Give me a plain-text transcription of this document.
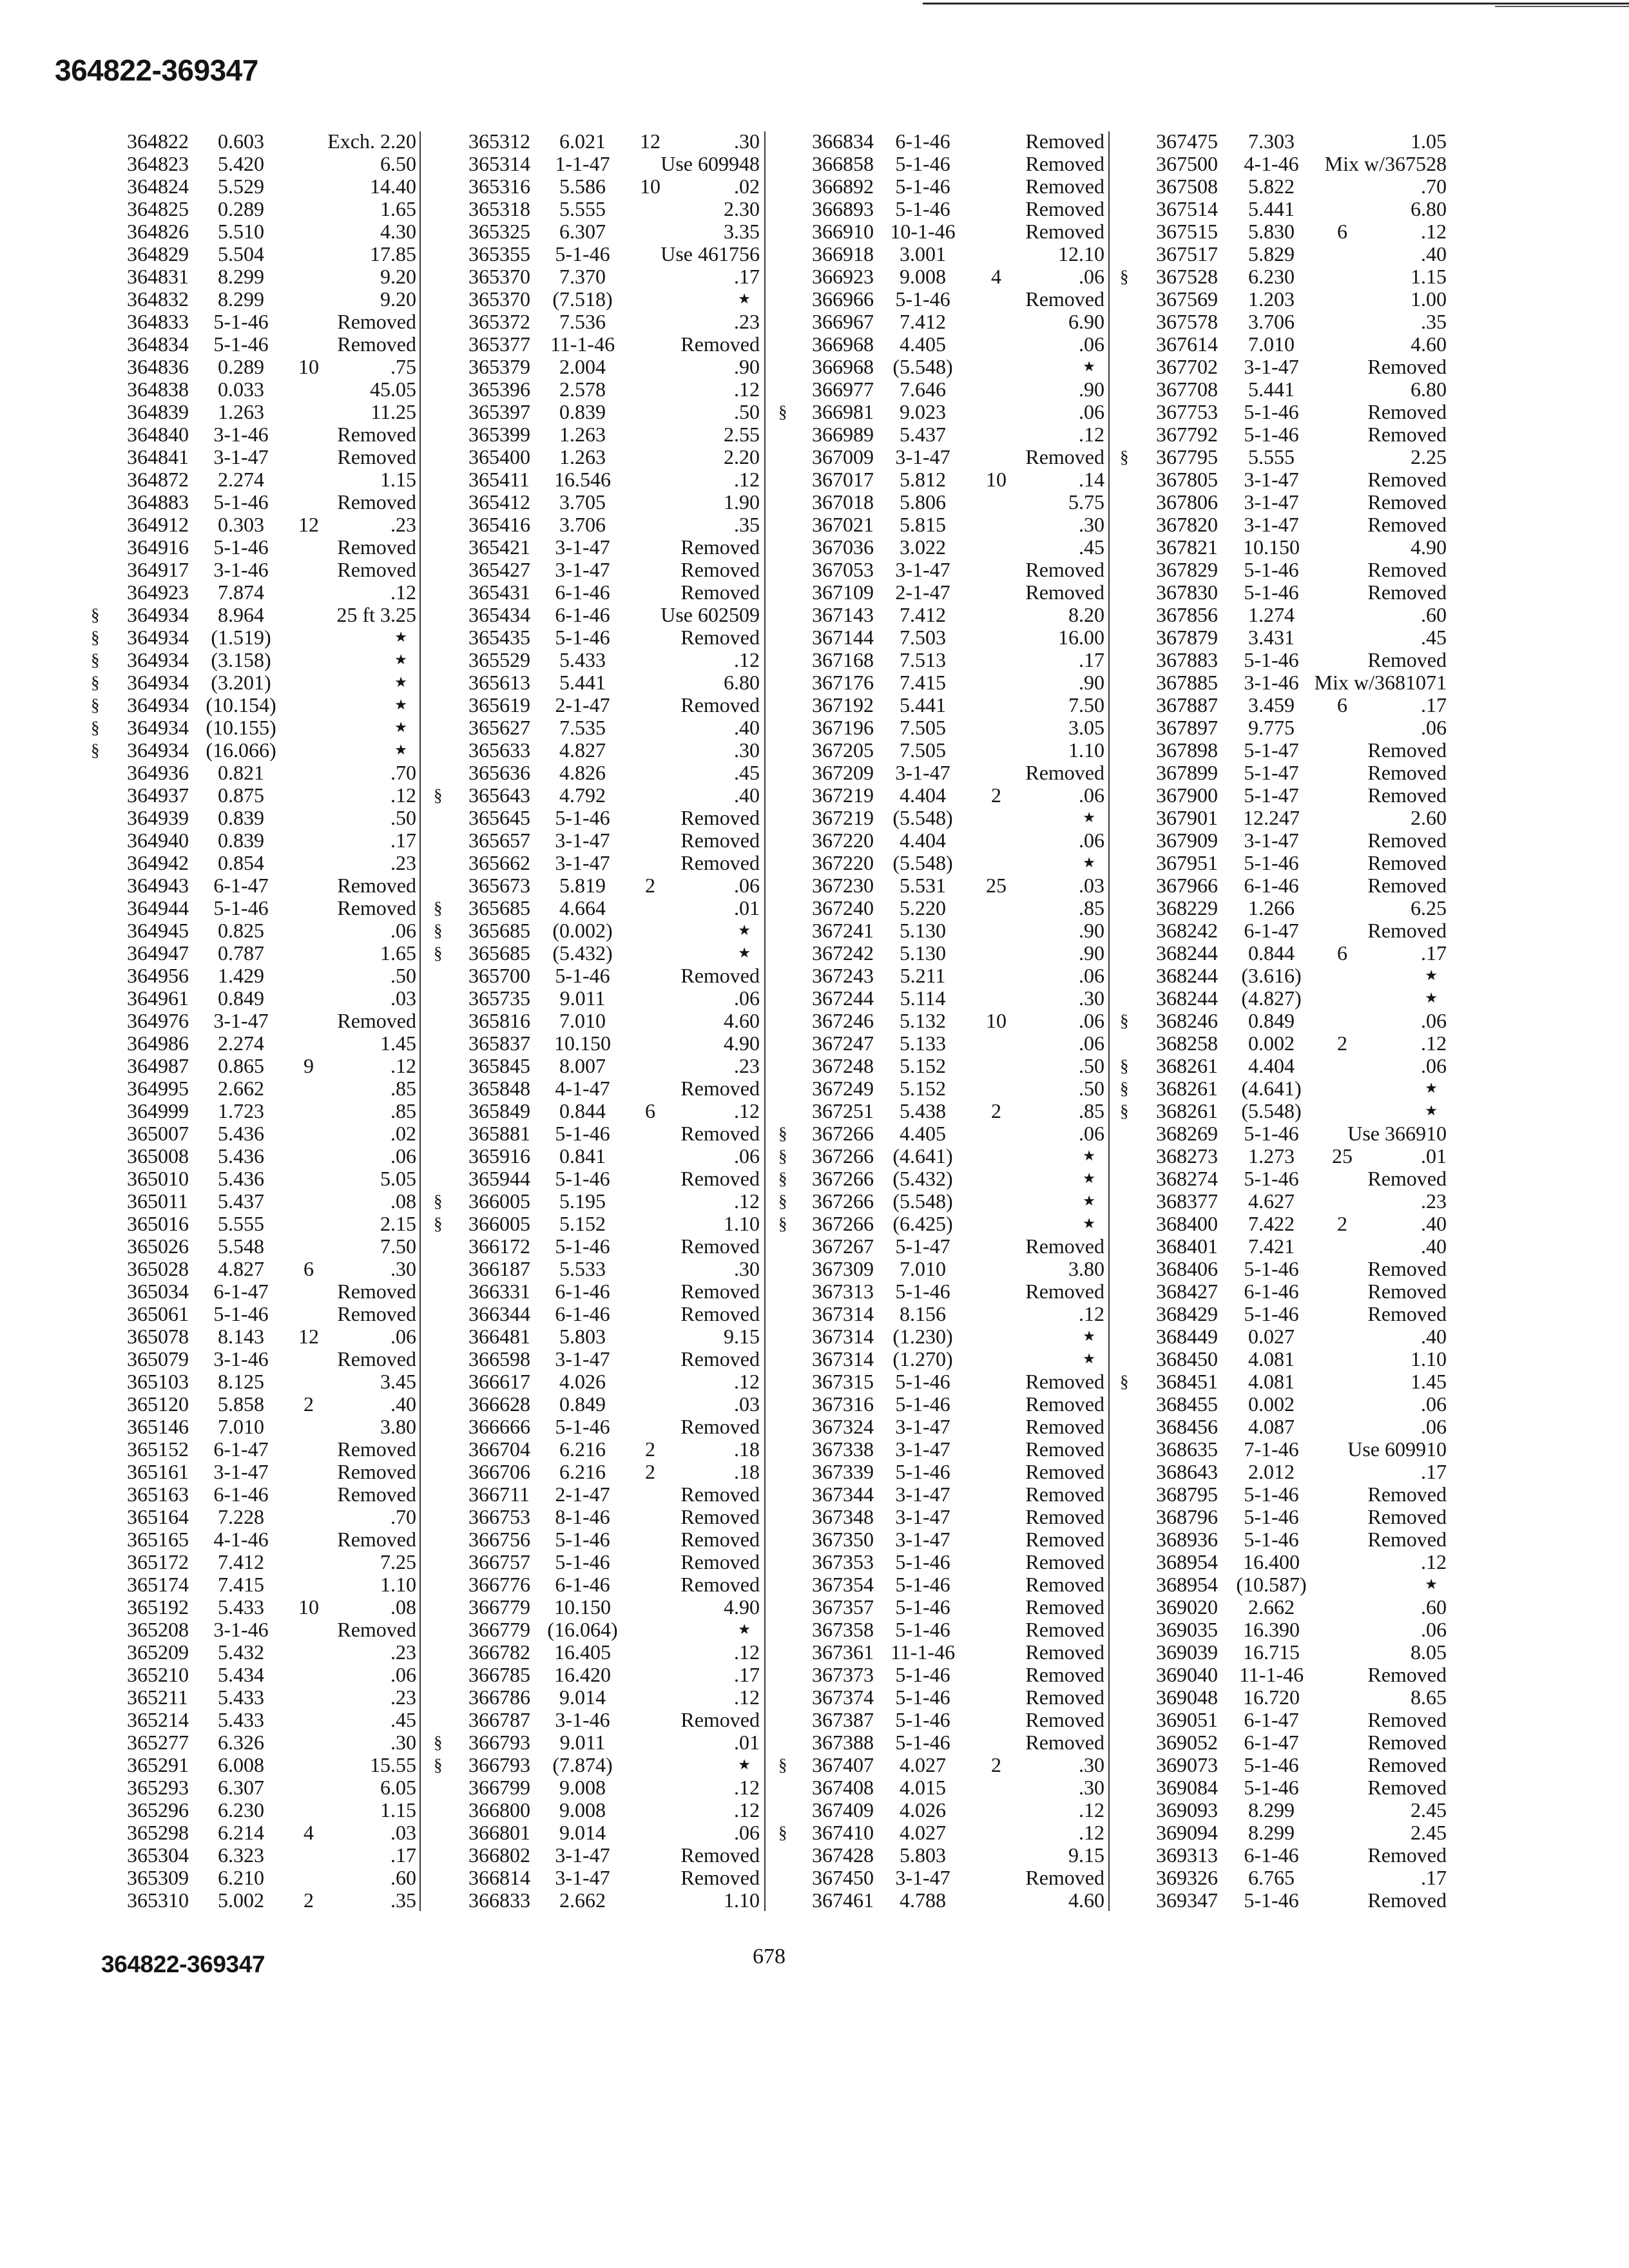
364822-369347
364822	0.603	Exch. 2.20
364823	5.420	6.50
364824	5.529	14.40
364825	0.289	1.65
364826	5.510	4.30
364829	5.504	17.85
364831	8.299	9.20
364832	8.299	9.20
364833	5-1-46	Removed
364834	5-1-46	Removed
364836	0.289	10	.75
364838	0.033	45.05
364839	1.263	11.25
364840	3-1-46	Removed
364841	3-1-47	Removed
364872	2.274	1.15
364883	5-1-46	Removed
364912	0.303	12	.23
364916	5-1-46	Removed
364917	3-1-46	Removed
364923	7.874	.12
§ 364934	8.964	25 ft 3.25
§ 364934	(1.519)	★
§ 364934	(3.158)	★
§ 364934	(3.201)	★
§ 364934 (10.154)	★
§ 364934 (10.155)	★
§ 364934 (16.066)	★
364936	0.821	.70
364937	0.875	.12
364939	0.839	.50
364940	0.839	.17
364942	0.854	.23
364943	6-1-47	Removed
364944	5-1-46	Removed
364945	0.825	.06
364947	0.787	1.65
364956	1.429	.50
364961	0.849	.03
364976	3-1-47	Removed
364986	2.274	1.45
364987	0.865	9	.12
364995	2.662	.85
364999	1.723	.85
365007	5.436	.02
365008	5.436	.06
365010	5.436	5.05
365011	5.437	.08
365016	5.555	2.15
365026	5.548	7.50
365028	4.827	6	.30
365034	6-1-47	Removed
365061	5-1-46	Removed
365078	8.143	12	.06
365079	3-1-46	Removed
365103	8.125	3.45
365120	5.858	2	.40
365146	7.010	3.80
365152	6-1-47	Removed
365161	3-1-47	Removed
365163	6-1-46	Removed
365164	7.228	.70
365165	4-1-46	Removed
365172	7.412	7.25
365174	7.415	1.10
365192	5.433	10	.08
365208	3-1-46	Removed
365209	5.432	.23
365210	5.434	.06
365211	5.433	.23
365214	5.433	.45
365277	6.326	.30
365291	6.008	15.55
365293	6.307	6.05
365296	6.230	1.15
365298	6.214	4	.03
365304	6.323	.17
365309	6.210	.60
365310	5.002	2	.35
365312	6.021	12	.30
365314	1-1-47	Use 609948
365316	5.586	10	.02
365318	5.555	2.30
365325	6.307	3.35
365355	5-1-46	Use 461756
365370	7.370	.17
365370	(7.518)	★
365372	7.536	.23
365377 11-1-46	Removed
365379	2.004	.90
365396	2.578	.12
365397	0.839	.50
365399	1.263	2.55
365400	1.263	2.20
365411	16.546	.12
365412	3.705	1.90
365416	3.706	.35
365421	3-1-47	Removed
365427	3-1-47	Removed
365431	6-1-46	Removed
365434	6-1-46	Use 602509
365435	5-1-46	Removed
365529	5.433	.12
365613	5.441	6.80
365619	2-1-47	Removed
365627	7.535	.40
365633	4.827	.30
365636	4.826	.45
§ 365643	4.792	.40
365645	5-1-46	Removed
365657	3-1-47	Removed
365662	3-1-47	Removed
365673	5.819	2	.06
§ 365685	4.664	.01
§ 365685	(0.002)	★
§ 365685	(5.432)	★
365700	5-1-46	Removed
365735	9.011	.06
365816	7.010	4.60
365837	10.150	4.90
365845	8.007	.23
365848	4-1-47	Removed
365849	0.844	6	.12
365881	5-1-46	Removed
365916	0.841	.06
365944	5-1-46	Removed
§ 366005	5.195	.12
§ 366005	5.152	1.10
366172	5-1-46	Removed
366187	5.533	.30
366331	6-1-46	Removed
366344	6-1-46	Removed
366481	5.803	9.15
366598	3-1-47	Removed
366617	4.026	.12
366628	0.849	.03
366666	5-1-46	Removed
366704	6.216	2	.18
366706	6.216	2	.18
366711	2-1-47	Removed
366753	8-1-46	Removed
366756	5-1-46	Removed
366757	5-1-46	Removed
366776	6-1-46	Removed
366779	10.150	4.90
366779 (16.064)	★
366782	16.405	.12
366785	16.420	.17
366786	9.014	.12
366787	3-1-46	Removed
§ 366793	9.011	.01
§ 366793	(7.874)	★
366799	9.008	.12
366800	9.008	.12
366801	9.014	.06
366802	3-1-47	Removed
366814	3-1-47	Removed
366833	2.662	1.10
366834	6-1-46	Removed
366858	5-1-46	Removed
366892	5-1-46	Removed
366893	5-1-46	Removed
366910 10-1-46	Removed
366918	3.001	12.10
366923	9.008	4	.06
366966	5-1-46	Removed
366967	7.412	6.90
366968	4.405	.06
366968 (5.548)	★
366977	7.646	.90
§ 366981	9.023	.06
366989	5.437	.12
367009	3-1-47	Removed
367017	5.812	10	.14
367018	5.806	5.75
367021	5.815	.30
367036	3.022	.45
367053	3-1-47	Removed
367109	2-1-47	Removed
367143	7.412	8.20
367144	7.503	16.00
367168	7.513	.17
367176	7.415	.90
367192	5.441	7.50
367196	7.505	3.05
367205	7.505	1.10
367209	3-1-47	Removed
367219	4.404	2	.06
367219 (5.548)	★
367220	4.404	.06
367220 (5.548)	★
367230	5.531	25	.03
367240	5.220	.85
367241	5.130	.90
367242	5.130	.90
367243	5.211	.06
367244	5.114	.30
367246	5.132	10	.06
367247	5.133	.06
367248	5.152	.50
367249	5.152	.50
367251	5.438	2	.85
§ 367266	4.405	.06
§ 367266 (4.641)	★
§ 367266 (5.432)	★
§ 367266 (5.548)	★
§ 367266 (6.425)	★
367267	5-1-47	Removed
367309	7.010	3.80
367313	5-1-46	Removed
367314	8.156	.12
367314 (1.230)	★
367314 (1.270)	★
367315	5-1-46	Removed
367316	5-1-46	Removed
367324	3-1-47	Removed
367338	3-1-47	Removed
367339	5-1-46	Removed
367344	3-1-47	Removed
367348	3-1-47	Removed
367350	3-1-47	Removed
367353	5-1-46	Removed
367354	5-1-46	Removed
367357	5-1-46	Removed
367358	5-1-46	Removed
367361 11-1-46	Removed
367373	5-1-46	Removed
367374	5-1-46	Removed
367387	5-1-46	Removed
367388	5-1-46	Removed
§ 367407	4.027	2	.30
367408	4.015	.30
367409	4.026	.12
§ 367410	4.027	.12
367428	5.803	9.15
367450	3-1-47	Removed
367461	4.788	4.60
367475	7.303	1.05
367500	4-1-46	Mix w/367528
367508	5.822	.70
367514	5.441	6.80
367515	5.830	6	.12
367517	5.829	.40
§ 367528	6.230	1.15
367569	1.203	1.00
367578	3.706	.35
367614	7.010	4.60
367702	3-1-47	Removed
367708	5.441	6.80
367753	5-1-46	Removed
367792	5-1-46	Removed
§ 367795	5.555	2.25
367805	3-1-47	Removed
367806	3-1-47	Removed
367820	3-1-47	Removed
367821	10.150	4.90
367829	5-1-46	Removed
367830	5-1-46	Removed
367856	1.274	.60
367879	3.431	.45
367883	5-1-46	Removed
367885	3-1-46 Mix w/3681071
367887	3.459	6	.17
367897	9.775	.06
367898	5-1-47	Removed
367899	5-1-47	Removed
367900	5-1-47	Removed
367901	12.247	2.60
367909	3-1-47	Removed
367951	5-1-46	Removed
367966	6-1-46	Removed
368229	1.266	6.25
368242	6-1-47	Removed
368244	0.844	6	.17
368244	(3.616)	★
368244	(4.827)	★
§ 368246	0.849	.06
368258	0.002	2	.12
§ 368261	4.404	.06
§ 368261	(4.641)	★
§ 368261	(5.548)	★
368269	5-1-46	Use 366910
368273	1.273	25	.01
368274	5-1-46	Removed
368377	4.627	.23
368400	7.422	2	.40
368401	7.421	.40
368406	5-1-46	Removed
368427	6-1-46	Removed
368429	5-1-46	Removed
368449	0.027	.40
368450	4.081	1.10
§ 368451	4.081	1.45
368455	0.002	.06
368456	4.087	.06
368635	7-1-46	Use 609910
368643	2.012	.17
368795	5-1-46	Removed
368796	5-1-46	Removed
368936	5-1-46	Removed
368954	16.400	.12
368954 (10.587)	★
369020	2.662	.60
369035	16.390	.06
369039	16.715	8.05
369040	11-1-46	Removed
369048	16.720	8.65
369051	6-1-47	Removed
369052	6-1-47	Removed
369073	5-1-46	Removed
369084	5-1-46	Removed
369093	8.299	2.45
369094	8.299	2.45
369313	6-1-46	Removed
369326	6.765	.17
369347	5-1-46	Removed
364822-369347	678
